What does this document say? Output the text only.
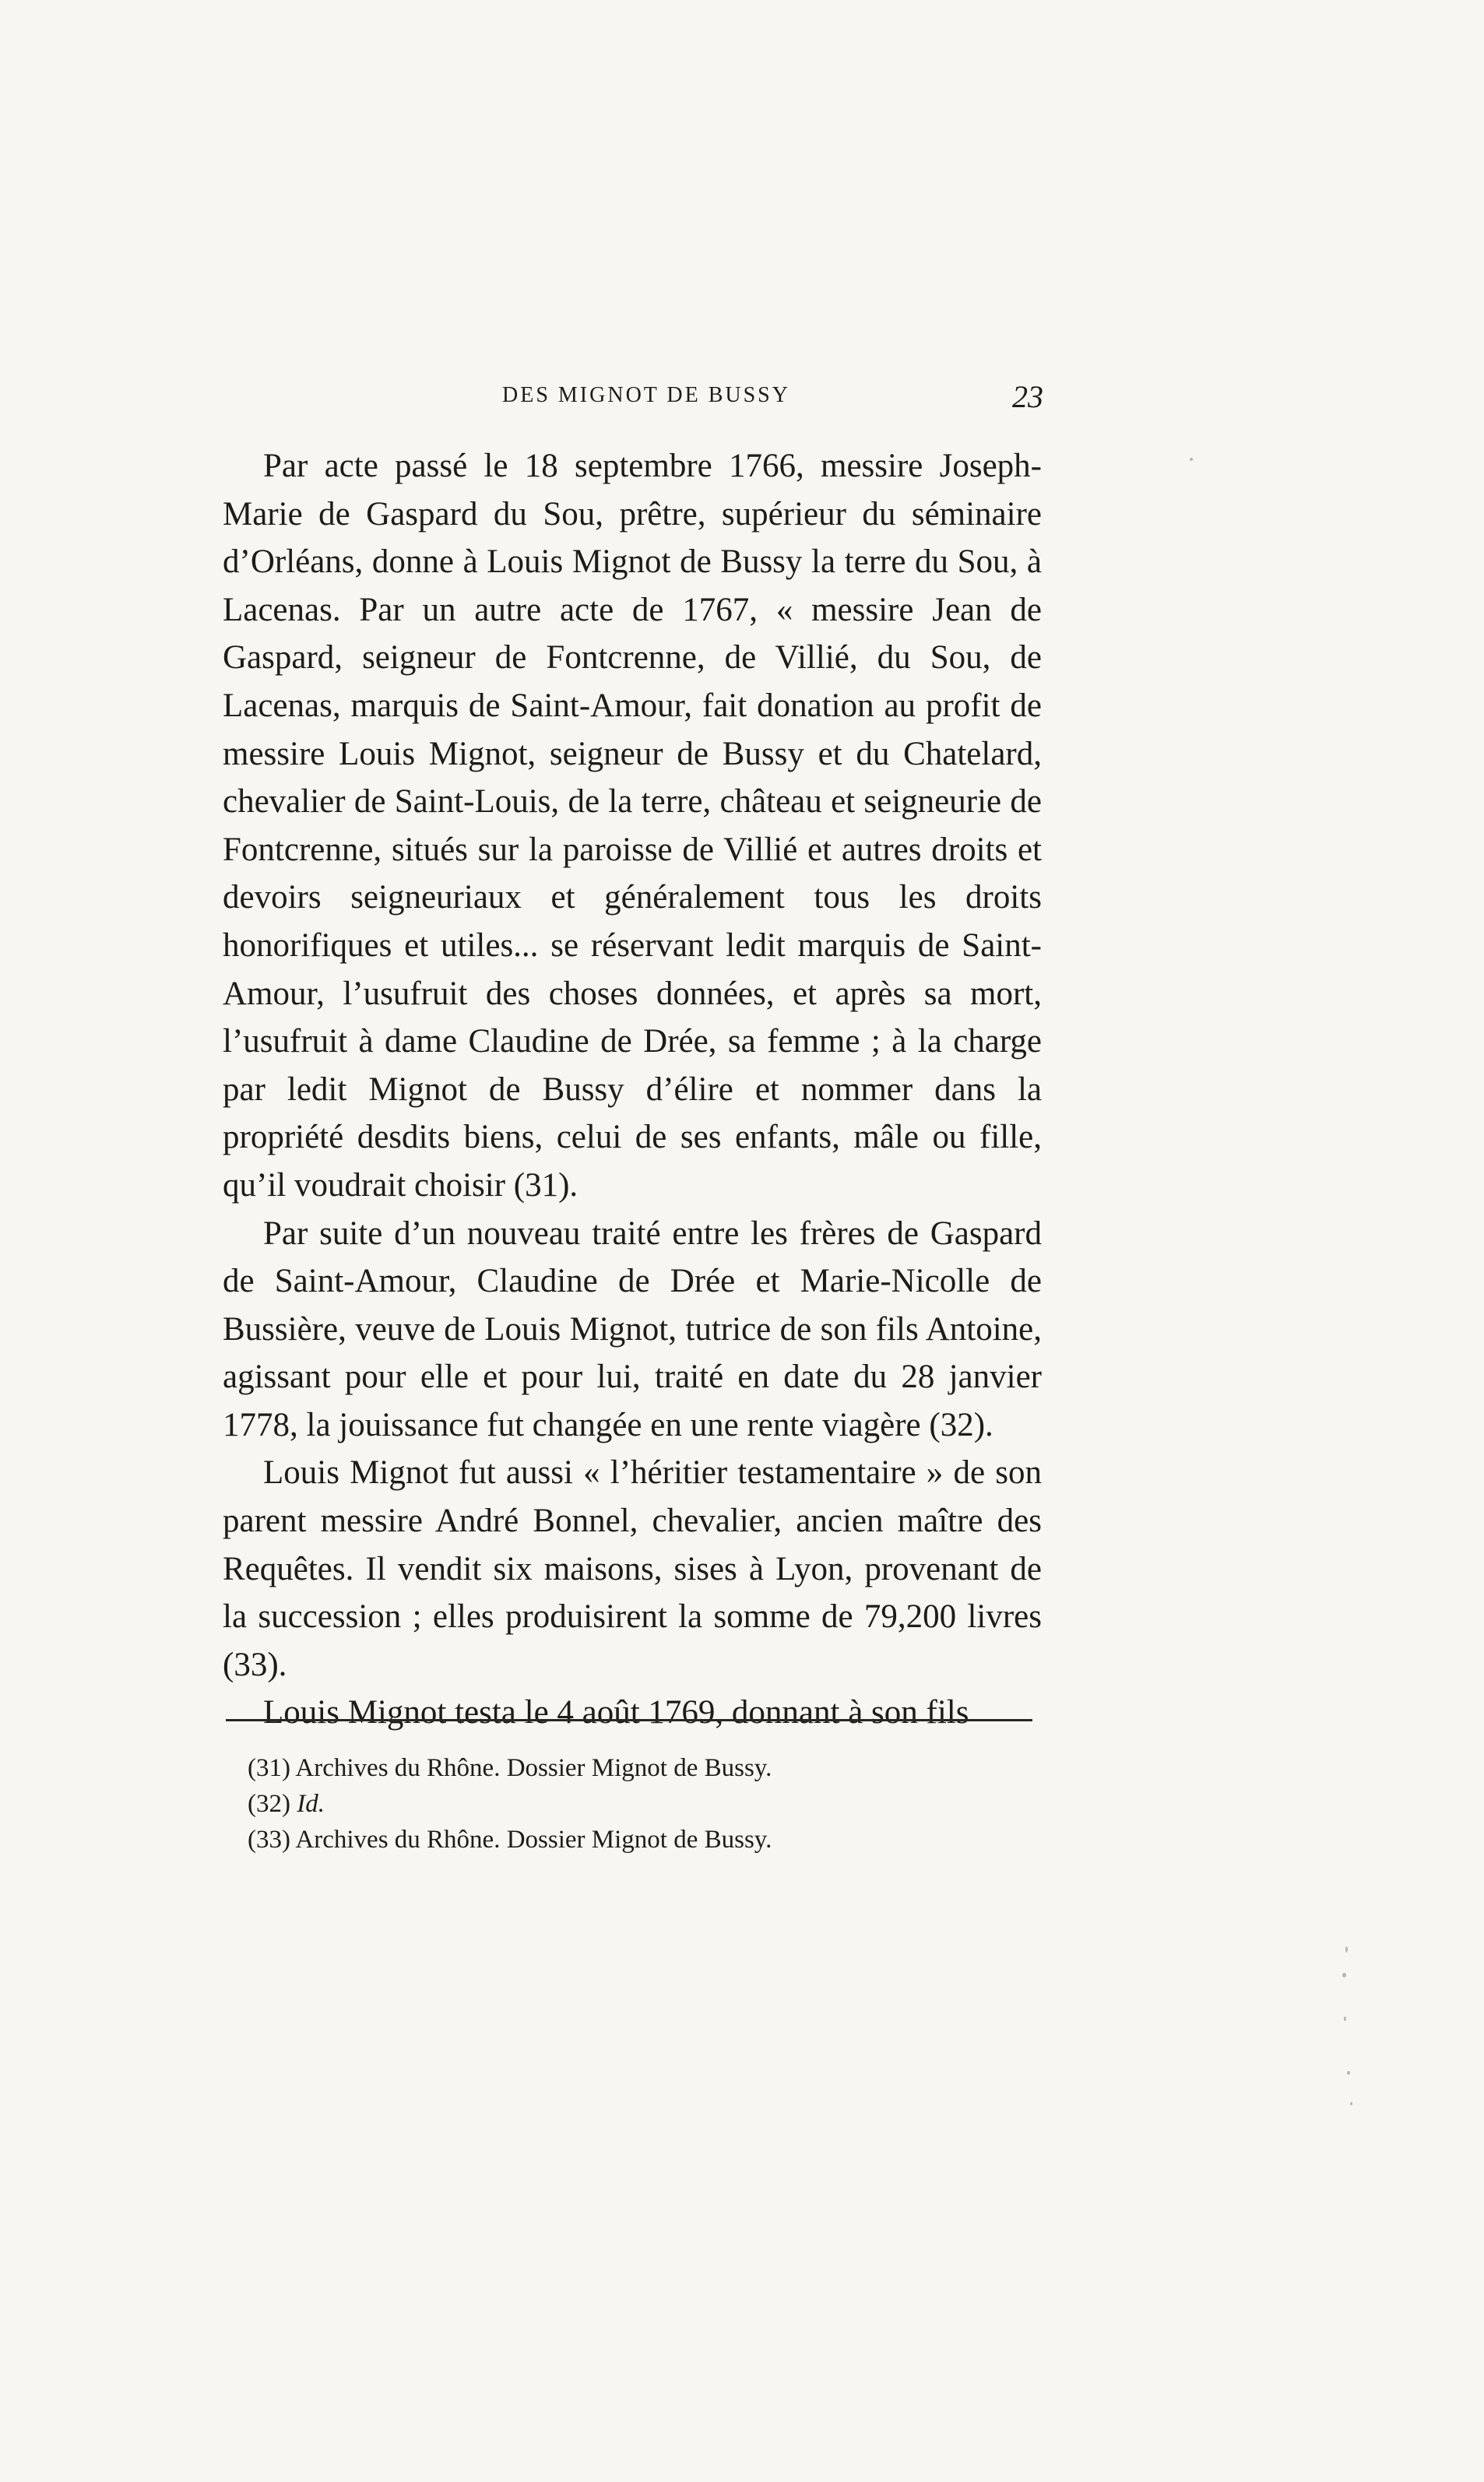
DES MIGNOT DE BUSSY	23

Par acte passé le 18 septembre 1766, messire Joseph-Marie de Gaspard du Sou, prêtre, supérieur du séminaire d’Orléans, donne à Louis Mignot de Bussy la terre du Sou, à Lacenas. Par un autre acte de 1767, « messire Jean de Gaspard, seigneur de Fontcrenne, de Villié, du Sou, de Lacenas, marquis de Saint-Amour, fait donation au profit de messire Louis Mignot, seigneur de Bussy et du Chatelard, chevalier de Saint-Louis, de la terre, château et seigneurie de Fontcrenne, situés sur la paroisse de Villié et autres droits et devoirs seigneuriaux et généralement tous les droits honorifiques et utiles... se réservant ledit marquis de Saint-Amour, l’usufruit des choses données, et après sa mort, l’usufruit à dame Claudine de Drée, sa femme ; à la charge par ledit Mignot de Bussy d’élire et nommer dans la propriété desdits biens, celui de ses enfants, mâle ou fille, qu’il voudrait choisir (31).

Par suite d’un nouveau traité entre les frères de Gaspard de Saint-Amour, Claudine de Drée et Marie-Nicolle de Bussière, veuve de Louis Mignot, tutrice de son fils Antoine, agissant pour elle et pour lui, traité en date du 28 janvier 1778, la jouissance fut changée en une rente viagère (32).

Louis Mignot fut aussi « l’héritier testamentaire » de son parent messire André Bonnel, chevalier, ancien maître des Requêtes. Il vendit six maisons, sises à Lyon, provenant de la succession ; elles produisirent la somme de 79,200 livres (33).

Louis Mignot testa le 4 août 1769, donnant à son fils

(31) Archives du Rhône. Dossier Mignot de Bussy.

(32) Id.

(33) Archives du Rhône. Dossier Mignot de Bussy.
